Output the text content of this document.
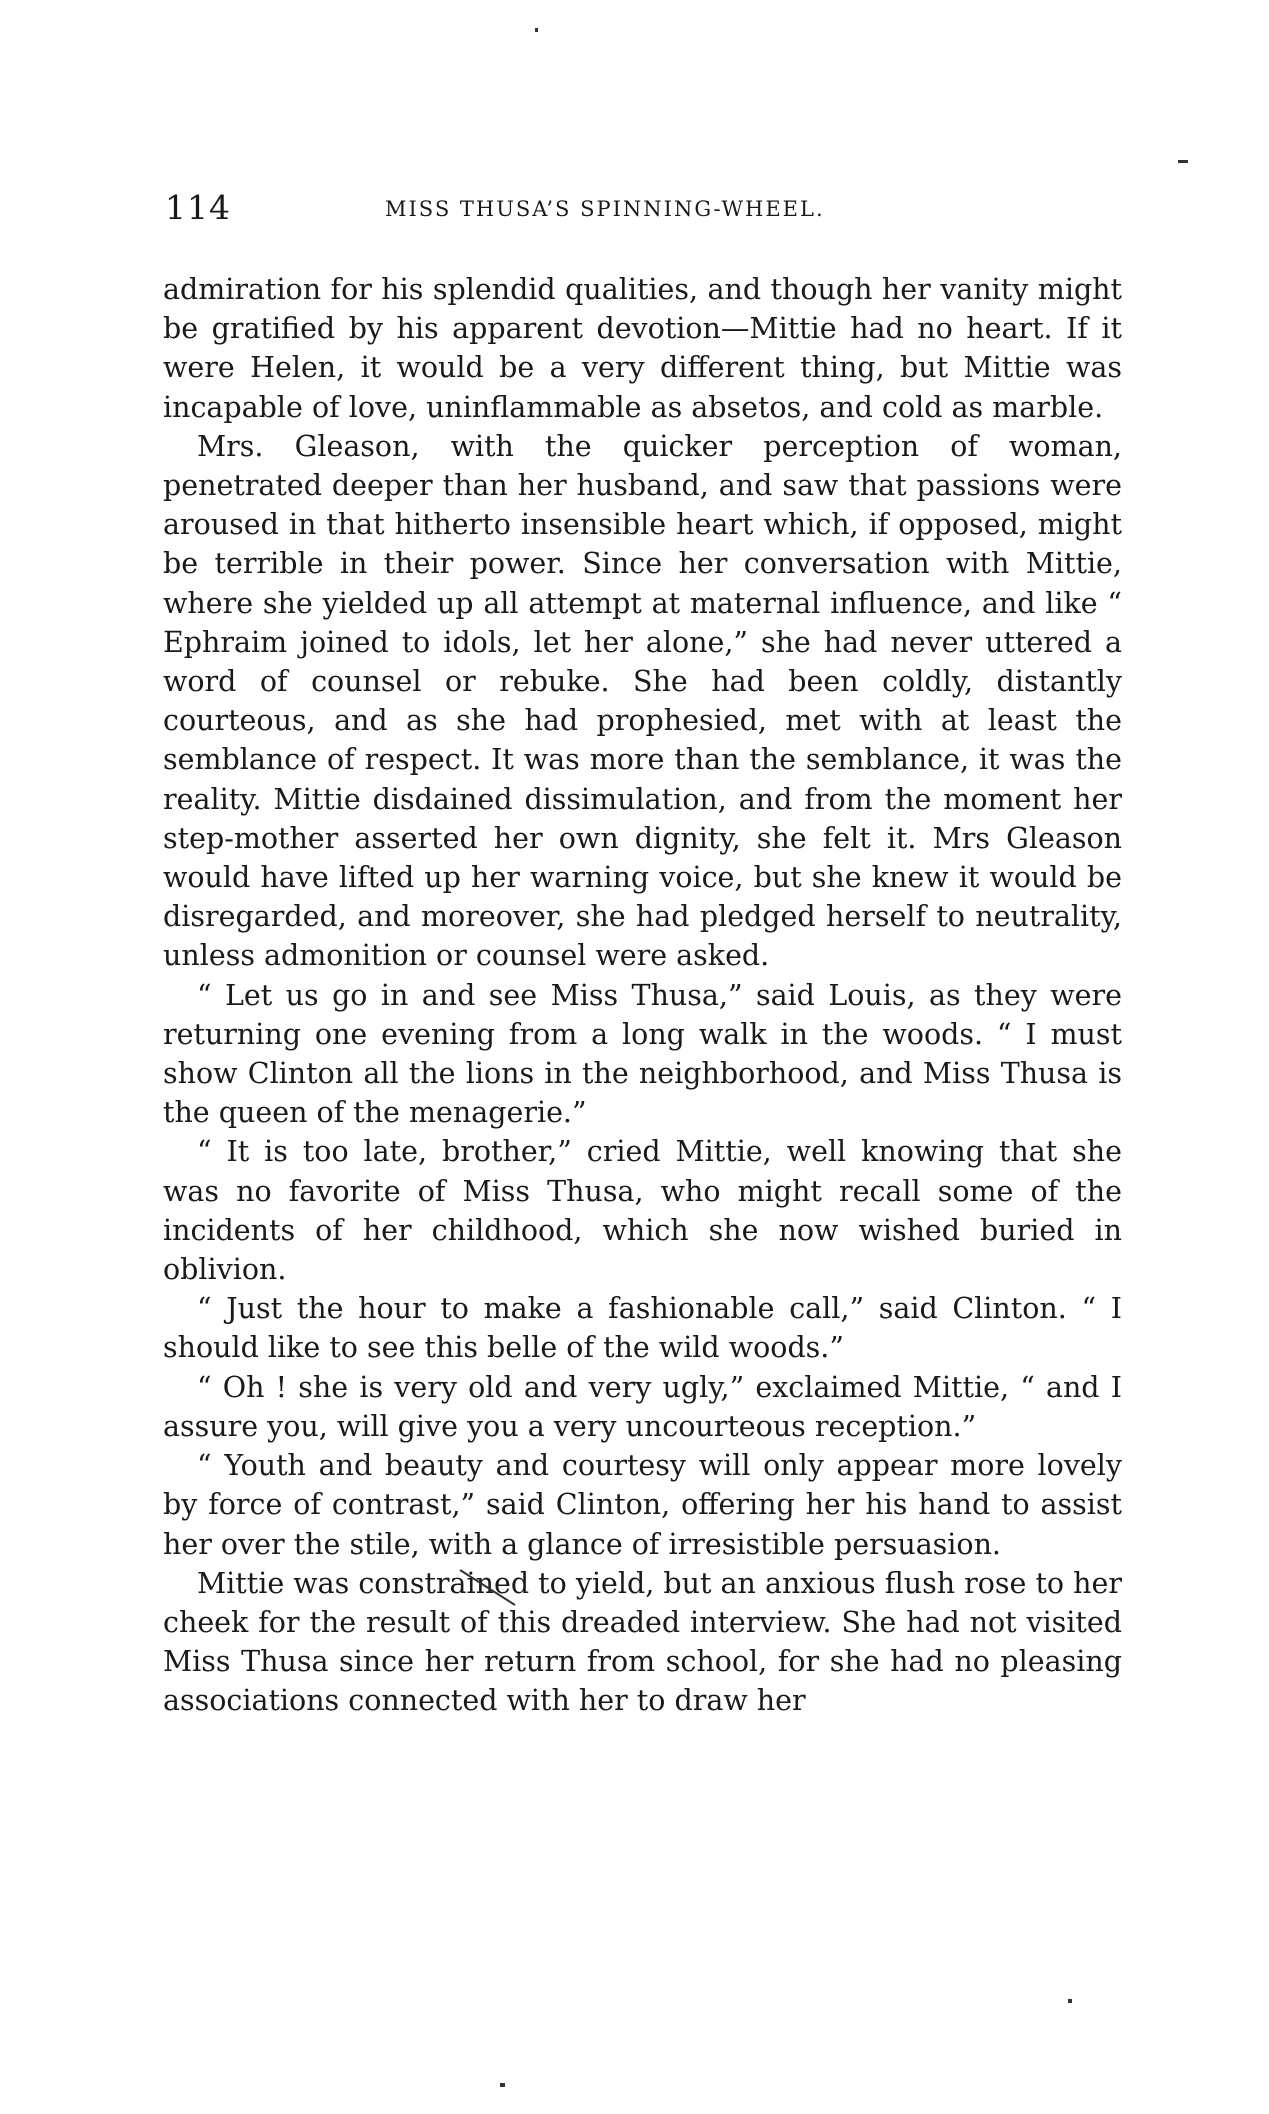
114	MISS THUSA’S SPINNING-WHEEL.

admiration for his splendid qualities, and though her vanity might be gratified by his apparent devotion—Mittie had no heart. If it were Helen, it would be a very different thing, but Mittie was incapable of love, uninflammable as absetos, and cold as marble.

Mrs. Gleason, with the quicker perception of woman, penetrated deeper than her husband, and saw that passions were aroused in that hitherto insensible heart which, if opposed, might be terrible in their power. Since her conversation with Mittie, where she yielded up all attempt at maternal influence, and like “ Ephraim joined to idols, let her alone,” she had never uttered a word of counsel or rebuke. She had been coldly, distantly courteous, and as she had prophesied, met with at least the semblance of respect. It was more than the semblance, it was the reality. Mittie disdained dissimulation, and from the moment her step-mother asserted her own dignity, she felt it. Mrs Gleason would have lifted up her warning voice, but she knew it would be disregarded, and moreover, she had pledged herself to neutrality, unless admonition or counsel were asked.

“ Let us go in and see Miss Thusa,” said Louis, as they were returning one evening from a long walk in the woods. “ I must show Clinton all the lions in the neighborhood, and Miss Thusa is the queen of the menagerie.”

“ It is too late, brother,” cried Mittie, well knowing that she was no favorite of Miss Thusa, who might recall some of the incidents of her childhood, which she now wished buried in oblivion.

“ Just the hour to make a fashionable call,” said Clinton. “ I should like to see this belle of the wild woods.”

“ Oh ! she is very old and very ugly,” exclaimed Mittie, “ and I assure you, will give you a very uncourteous reception.”

“ Youth and beauty and courtesy will only appear more lovely by force of contrast,” said Clinton, offering her his hand to assist her over the stile, with a glance of irresistible persuasion.

Mittie was constrained to yield, but an anxious flush rose to her cheek for the result of this dreaded interview. She had not visited Miss Thusa since her return from school, for she had no pleasing associations connected with her to draw her
